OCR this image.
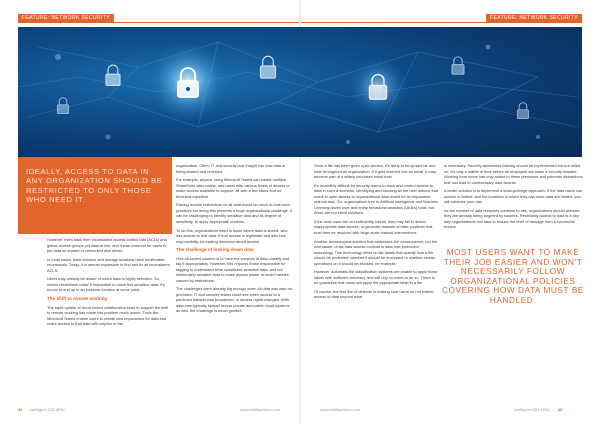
FEATURE: NETWORK SECURITY

However, even back then inconsistent access control lists (ACLs) and global access groups put data at risk, and it was common for users to put data on shared or networked disk drives.

In most cases, data volumes and storage locations have proliferated enormously. Today, it is almost impossible to find and fix all inconsistent ACLS.

Users may already be aware of which data is highly sensitive. So, unless restrictions make it impossible to move this sensitive data, it's bound to end up in an insecure location at some point.

The shift to remote working

The rapid uptake of cloud-based collaboration tools to support the shift to remote working has made this problem much worse. Tools like Microsoft Teams enable users to create new repositories for data and share access to that data with anyone in the

organization. Often, IT and security lack insight into how data is being shared and received.

For example, anyone using Microsoft Teams can create multiple SharePoint sites online, add users with various levels of access or make access available to anyone: all with a few clicks and no technical expertise.

Placing access restrictions on all data would do much to curb such practices but doing this presents a huge organizational challenge. It can be challenging to identify sensitive data and its degree of sensitivity, to apply appropriate controls.

To do this, organizations need to know where data is stored, who has access to that data, if that access is legitimate and who has responsibility for making decisions about access.

The challenge of locking down data

One oft-touted solution is to have the creators of data classify and tag it appropriately. However, this requires those responsible for tagging to understand what constitutes sensitive data, and not deliberately mislabel data to make access easier to avoid hassles caused by restrictions.

The challenges were already big enough when all data was kept on-premises. IT and security teams could see when access to a particular dataset was broadened, or access rights changed. With data now typically spread across private and public cloud systems as well, the challenge is much greater.

42 intelligent CIO APAC	www.intelligentcio.com
FEATURE: NETWORK SECURITY

Once a file has been given open access, it's likely to be spread far and wide throughout an organization. If it gets inserted into an email, it may become part of a widely circulated email train.

It's incredibly difficult for security teams to track and control access to data in such a scenario. Identifying and blocking all the user actions that result in open access to organizational data would be an impossible manual task. So, organizations turn to Artificial Intelligence and Machine Learning-driven user and entity behavioral analytics (UEBA) tools, but these are not silent solutions.

If the tools used are not sufficiently robust, they may fail to detect inappropriate data access, or generate masses of false positives that trust then be resolved with large-scale manual interventions.

Another technological solution that addresses the consequence, not the root cause, of lax data access controls is data loss protection technology. This technology relies on file labels that specify how a file should be protected: whether it should be encrypted or whether certain operations on it should be blocked, for example.

However, automatic file classification systems are unable to apply these labels with sufficient accuracy, and still rely on users to do so. There is no guarantee that users will apply the appropriate label to a file.

Of course, the first line of defense is making sure users do not extend access to data beyond what

is necessary. Security awareness training should be implemented but not relied on. It's only a matter of time before an employee will make a security mistake. Working from home has only added to these pressures and potential distractions that can lead to unnecessary data access.

A better solution is to implement a least-privilege approach. If the data users can access is limited, and the locations in which they can store data are limited, you will minimize your risk.

As the number of data breaches continue to rise, organizations should assume they are already being targeted by hackers. Restricting access to data is a key step organizations can take to reduce the level of damage from a successful breach.

www.intelligentcio.com	intelligent CIO APAC 43
IDEALLY, ACCESS TO DATA IN ANY ORGANIZATION SHOULD BE RESTRICTED TO ONLY THOSE WHO NEED IT.
MOST USERS WANT TO MAKE THEIR JOB EASIER AND WON'T NECESSARILY FOLLOW ORGANIZATIONAL POLICIES COVERING HOW DATA MUST BE HANDLED.
